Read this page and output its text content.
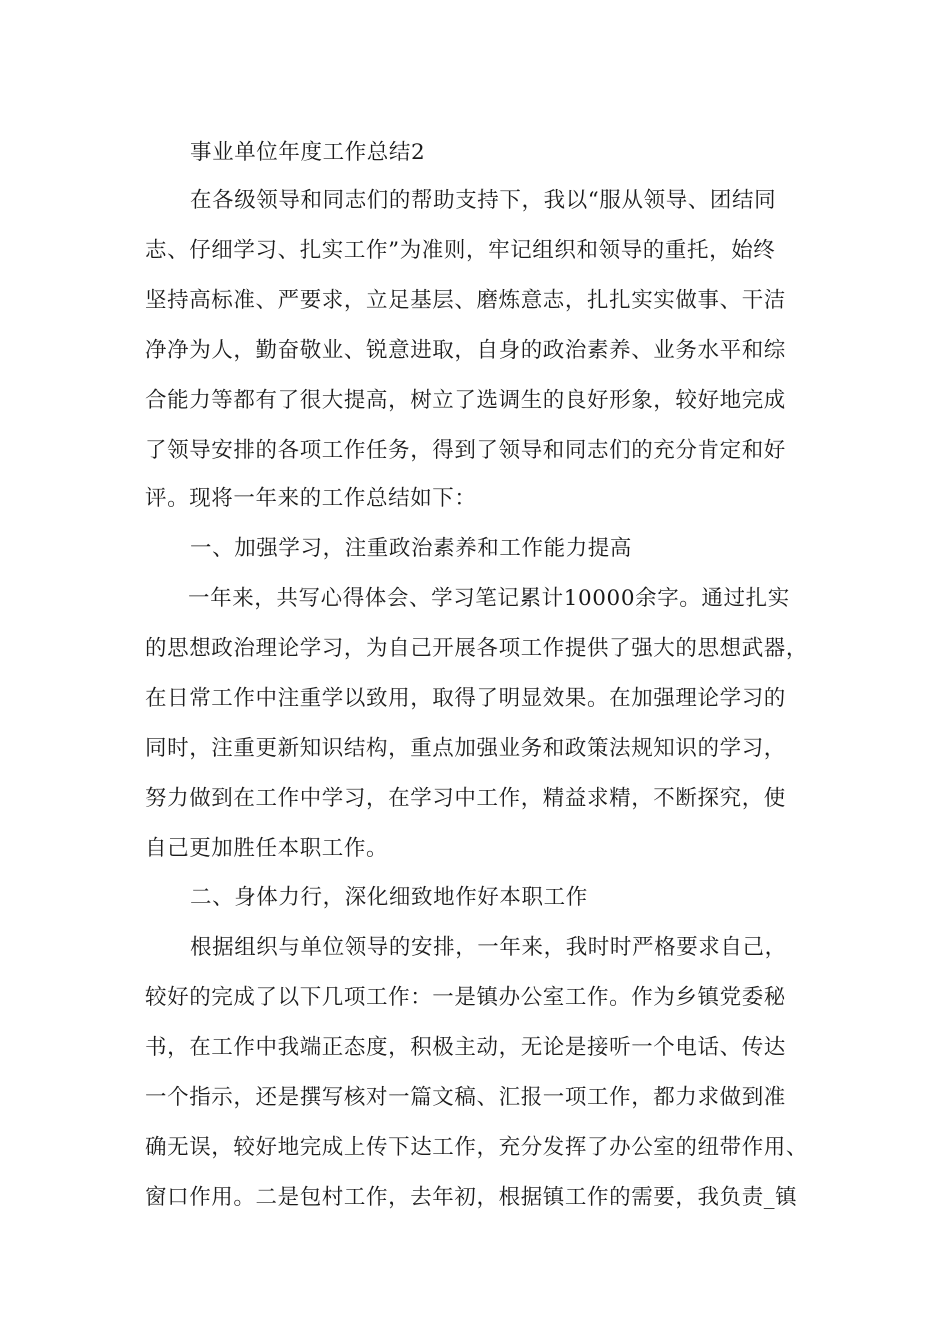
事业单位年度工作总结2
在各级领导和同志们的帮助支持下，我以“服从领导、团结同
志、仔细学习、扎实工作”为准则，牢记组织和领导的重托，始终
坚持高标准、严要求，立足基层、磨炼意志，扎扎实实做事、干洁
净净为人，勤奋敬业、锐意进取，自身的政治素养、业务水平和综
合能力等都有了很大提高，树立了选调生的良好形象，较好地完成
了领导安排的各项工作任务，得到了领导和同志们的充分肯定和好
评。现将一年来的工作总结如下：
一、加强学习，注重政治素养和工作能力提高
一年来，共写心得体会、学习笔记累计10000余字。通过扎实
的思想政治理论学习，为自己开展各项工作提供了强大的思想武器，
在日常工作中注重学以致用，取得了明显效果。在加强理论学习的
同时，注重更新知识结构，重点加强业务和政策法规知识的学习，
努力做到在工作中学习，在学习中工作，精益求精，不断探究，使
自己更加胜任本职工作。
二、身体力行，深化细致地作好本职工作
根据组织与单位领导的安排，一年来，我时时严格要求自己，
较好的完成了以下几项工作：一是镇办公室工作。作为乡镇党委秘
书，在工作中我端正态度，积极主动，无论是接听一个电话、传达
一个指示，还是撰写核对一篇文稿、汇报一项工作，都力求做到准
确无误，较好地完成上传下达工作，充分发挥了办公室的纽带作用、
窗口作用。二是包村工作，去年初，根据镇工作的需要，我负责_镇
